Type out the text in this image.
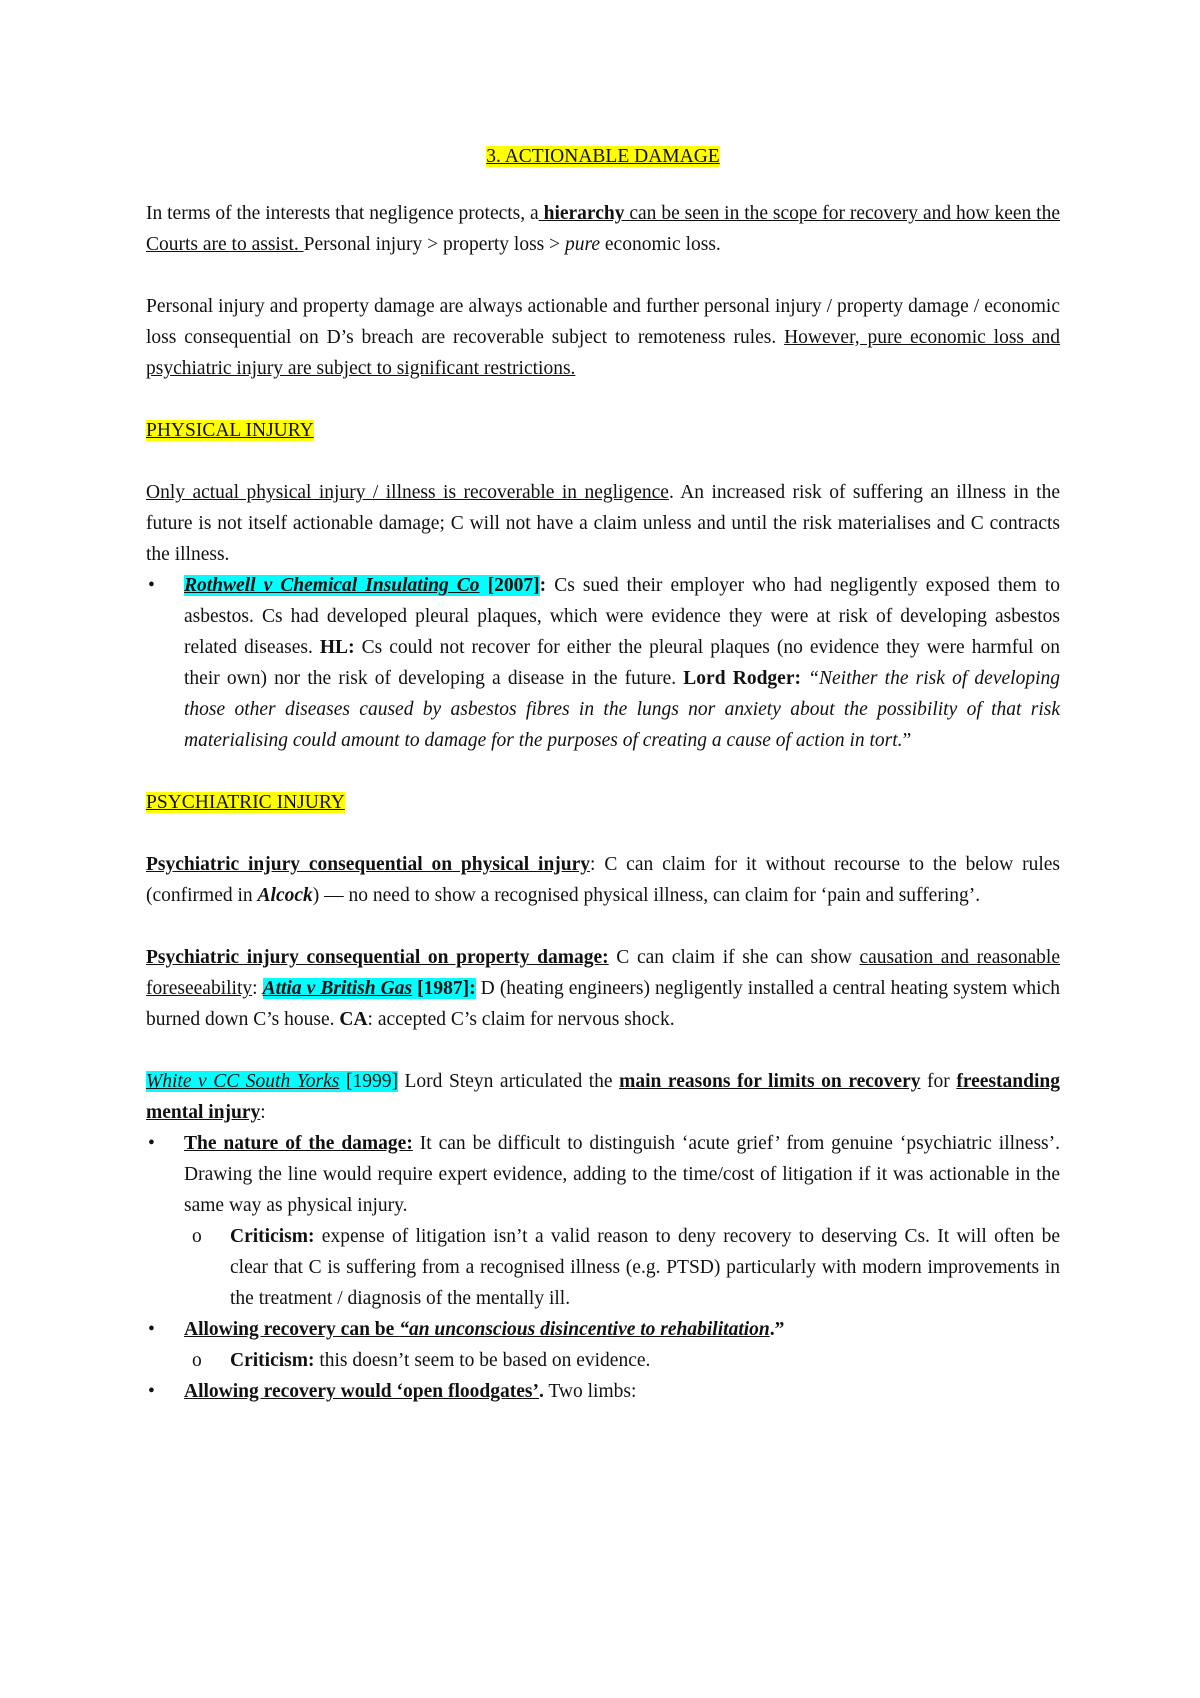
3. ACTIONABLE DAMAGE

In terms of the interests that negligence protects, a hierarchy can be seen in the scope for recovery and how keen the Courts are to assist. Personal injury > property loss > pure economic loss.

Personal injury and property damage are always actionable and further personal injury / property damage / economic loss consequential on D’s breach are recoverable subject to remoteness rules. However, pure economic loss and psychiatric injury are subject to significant restrictions.

PHYSICAL INJURY

Only actual physical injury / illness is recoverable in negligence. An increased risk of suffering an illness in the future is not itself actionable damage; C will not have a claim unless and until the risk materialises and C contracts the illness.

• Rothwell v Chemical Insulating Co [2007]: Cs sued their employer who had negligently exposed them to asbestos. Cs had developed pleural plaques, which were evidence they were at risk of developing asbestos related diseases. HL: Cs could not recover for either the pleural plaques (no evidence they were harmful on their own) nor the risk of developing a disease in the future. Lord Rodger: “Neither the risk of developing those other diseases caused by asbestos fibres in the lungs nor anxiety about the possibility of that risk materialising could amount to damage for the purposes of creating a cause of action in tort.”

PSYCHIATRIC INJURY

Psychiatric injury consequential on physical injury: C can claim for it without recourse to the below rules (confirmed in Alcock) — no need to show a recognised physical illness, can claim for ‘pain and suffering’.

Psychiatric injury consequential on property damage: C can claim if she can show causation and reasonable foreseeability: Attia v British Gas [1987]: D (heating engineers) negligently installed a central heating system which burned down C’s house. CA: accepted C’s claim for nervous shock.

White v CC South Yorks [1999] Lord Steyn articulated the main reasons for limits on recovery for freestanding mental injury:

• The nature of the damage: It can be difficult to distinguish ‘acute grief’ from genuine ‘psychiatric illness’. Drawing the line would require expert evidence, adding to the time/cost of litigation if it was actionable in the same way as physical injury.
o Criticism: expense of litigation isn’t a valid reason to deny recovery to deserving Cs. It will often be clear that C is suffering from a recognised illness (e.g. PTSD) particularly with modern improvements in the treatment / diagnosis of the mentally ill.
• Allowing recovery can be “an unconscious disincentive to rehabilitation.”
o Criticism: this doesn’t seem to be based on evidence.
• Allowing recovery would ‘open floodgates’. Two limbs:
